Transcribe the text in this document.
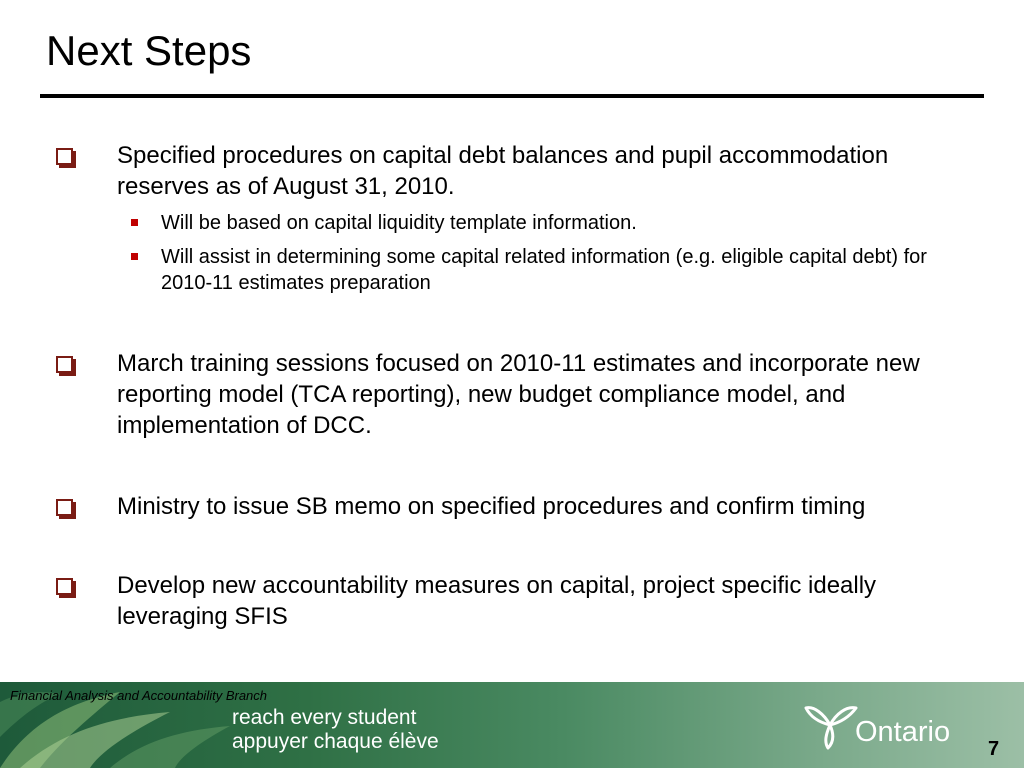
Next Steps
Specified procedures on capital debt balances and pupil accommodation reserves as of August 31, 2010.
Will be based on capital liquidity template information.
Will assist in determining some capital related information (e.g. eligible capital debt) for 2010-11 estimates preparation
March training sessions focused on 2010-11 estimates and incorporate new reporting model (TCA reporting), new budget compliance model, and implementation of DCC.
Ministry to issue SB memo on specified procedures and confirm timing
Develop new accountability measures on capital, project specific ideally leveraging SFIS
Financial Analysis and Accountability Branch
reach every student
appuyer chaque élève	Ontario
7
